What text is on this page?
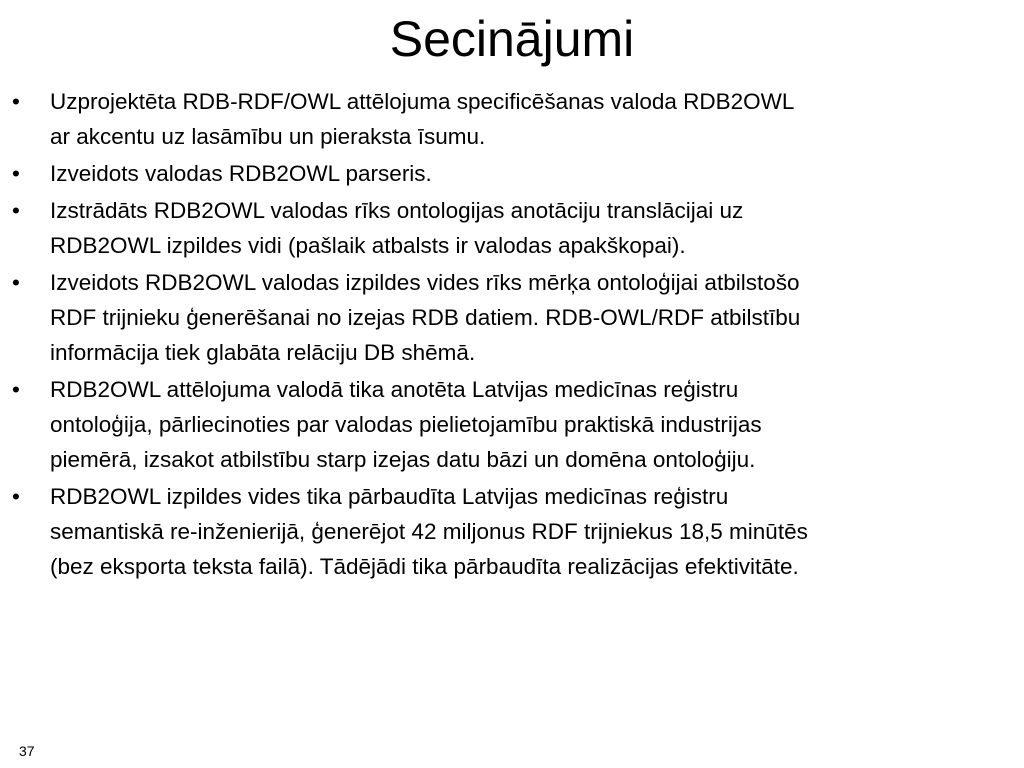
Secinājumi
• Uzprojektēta RDB-RDF/OWL attēlojuma specificēšanas valoda RDB2OWL
ar akcentu uz lasāmību un pieraksta īsumu.
• Izveidots valodas RDB2OWL parseris.
• Izstrādāts RDB2OWL valodas rīks ontologijas anotāciju translācijai uz
RDB2OWL izpildes vidi (pašlaik atbalsts ir valodas apakškopai).
• Izveidots RDB2OWL valodas izpildes vides rīks mērķa ontoloģijai atbilstošo
RDF trijnieku ģenerēšanai no izejas RDB datiem. RDB-OWL/RDF atbilstību
informācija tiek glabāta relāciju DB shēmā.
• RDB2OWL attēlojuma valodā tika anotēta Latvijas medicīnas reģistru
ontoloģija, pārliecinoties par valodas pielietojamību praktiskā industrijas
piemērā, izsakot atbilstību starp izejas datu bāzi un domēna ontoloģiju.
• RDB2OWL izpildes vides tika pārbaudīta Latvijas medicīnas reģistru
semantiskā re-inženierijā, ģenerējot 42 miljonus RDF trijniekus 18,5 minūtēs
(bez eksporta teksta failā). Tādējādi tika pārbaudīta realizācijas efektivitāte.
37
